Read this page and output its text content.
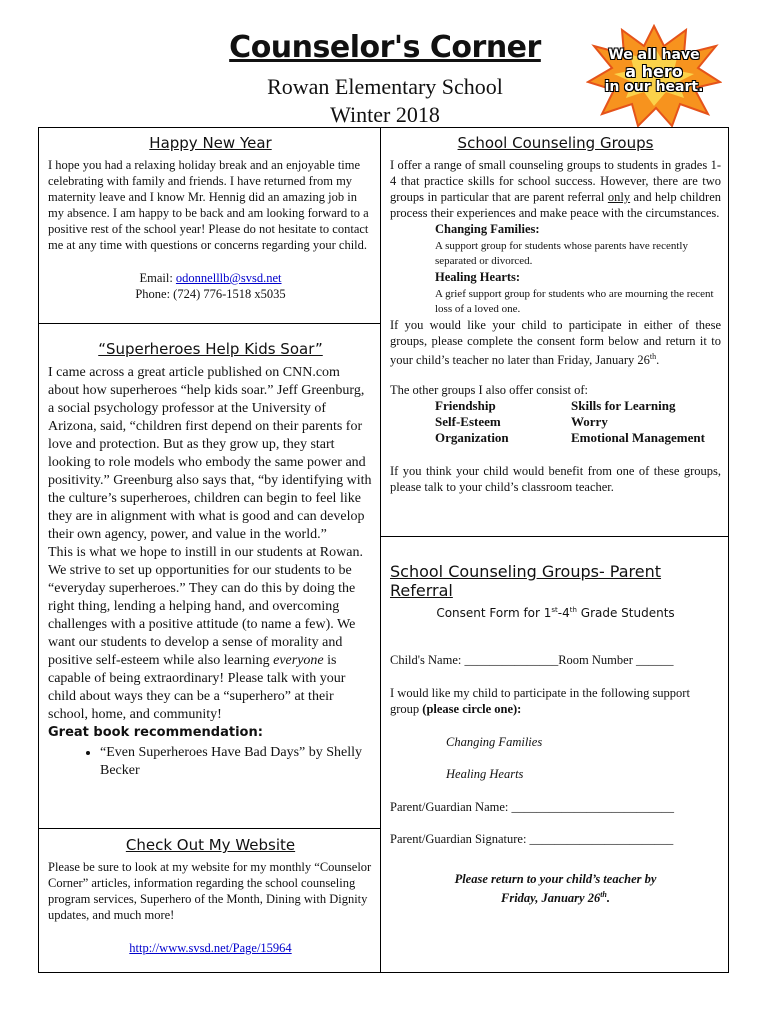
Counselor's Corner
Rowan Elementary School
Winter 2018
We all have
a hero
in our heart.

Happy New Year

I hope you had a relaxing holiday break and an enjoyable time celebrating with family and friends. I have returned from my maternity leave and I know Mr. Hennig did an amazing job in my absence. I am happy to be back and am looking forward to a positive rest of the school year! Please do not hesitate to contact me at any time with questions or concerns regarding your child.

Email: odonnelllb@svsd.net

Phone: (724) 776-1518 x5035

“Superheroes Help Kids Soar”

I came across a great article published on CNN.com about how superheroes “help kids soar.” Jeff Greenburg, a social psychology professor at the University of Arizona, said, “children first depend on their parents for love and protection. But as they grow up, they start looking to role models who embody the same power and positivity.” Greenburg also says that, “by identifying with the culture’s superheroes, children can begin to feel like they are in alignment with what is good and can develop their own agency, power, and value in the world.”

This is what we hope to instill in our students at Rowan. We strive to set up opportunities for our students to be “everyday superheroes.” They can do this by doing the right thing, lending a helping hand, and overcoming challenges with a positive attitude (to name a few). We want our students to develop a sense of morality and positive self-esteem while also learning everyone is capable of being extraordinary! Please talk with your child about ways they can be a “superhero” at their school, home, and community!

Great book recommendation:

• “Even Superheroes Have Bad Days” by Shelly Becker

Check Out My Website

Please be sure to look at my website for my monthly “Counselor Corner” articles, information regarding the school counseling program services, Superhero of the Month, Dining with Dignity updates, and much more!

http://www.svsd.net/Page/15964

School Counseling Groups

I offer a range of small counseling groups to students in grades 1-4 that practice skills for school success. However, there are two groups in particular that are parent referral only and help children process their experiences and make peace with the circumstances.

Changing Families:

A support group for students whose parents have recently separated or divorced.

Healing Hearts:

A grief support group for students who are mourning the recent loss of a loved one.

If you would like your child to participate in either of these groups, please complete the consent form below and return it to your child’s teacher no later than Friday, January 26th.

The other groups I also offer consist of:

Friendship	Skills for Learning
Self-Esteem	Worry
Organization	Emotional Management

If you think your child would benefit from one of these groups, please talk to your child’s classroom teacher.

School Counseling Groups- Parent Referral

Consent Form for 1st-4th Grade Students

Child's Name: _______________Room Number ______

I would like my child to participate in the following support group (please circle one):

Changing Families

Healing Hearts

Parent/Guardian Name: __________________________

Parent/Guardian Signature: _______________________

Please return to your child’s teacher by

Friday, January 26th.
